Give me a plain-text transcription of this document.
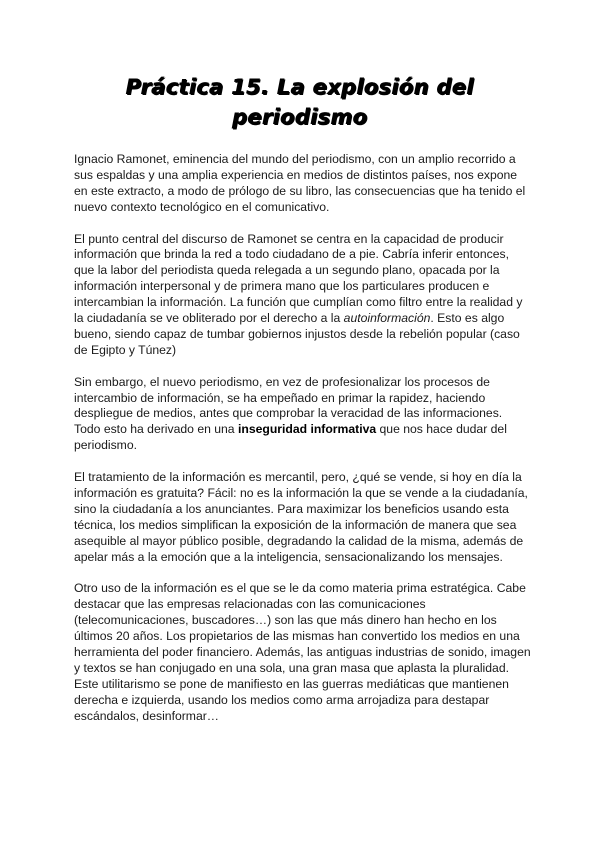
Práctica 15. La explosión del
periodismo

Ignacio Ramonet, eminencia del mundo del periodismo, con un amplio recorrido a
sus espaldas y una amplia experiencia en medios de distintos países, nos expone
en este extracto, a modo de prólogo de su libro, las consecuencias que ha tenido el
nuevo contexto tecnológico en el comunicativo.

El punto central del discurso de Ramonet se centra en la capacidad de producir
información que brinda la red a todo ciudadano de a pie. Cabría inferir entonces,
que la labor del periodista queda relegada a un segundo plano, opacada por la
información interpersonal y de primera mano que los particulares producen e
intercambian la información. La función que cumplían como filtro entre la realidad y
la ciudadanía se ve obliterado por el derecho a la autoinformación. Esto es algo
bueno, siendo capaz de tumbar gobiernos injustos desde la rebelión popular (caso
de Egipto y Túnez)

Sin embargo, el nuevo periodismo, en vez de profesionalizar los procesos de
intercambio de información, se ha empeñado en primar la rapidez, haciendo
despliegue de medios, antes que comprobar la veracidad de las informaciones.
Todo esto ha derivado en una inseguridad informativa que nos hace dudar del
periodismo.

El tratamiento de la información es mercantil, pero, ¿qué se vende, si hoy en día la
información es gratuita? Fácil: no es la información la que se vende a la ciudadanía,
sino la ciudadanía a los anunciantes. Para maximizar los beneficios usando esta
técnica, los medios simplifican la exposición de la información de manera que sea
asequible al mayor público posible, degradando la calidad de la misma, además de
apelar más a la emoción que a la inteligencia, sensacionalizando los mensajes.

Otro uso de la información es el que se le da como materia prima estratégica. Cabe
destacar que las empresas relacionadas con las comunicaciones
(telecomunicaciones, buscadores…) son las que más dinero han hecho en los
últimos 20 años. Los propietarios de las mismas han convertido los medios en una
herramienta del poder financiero. Además, las antiguas industrias de sonido, imagen
y textos se han conjugado en una sola, una gran masa que aplasta la pluralidad.
Este utilitarismo se pone de manifiesto en las guerras mediáticas que mantienen
derecha e izquierda, usando los medios como arma arrojadiza para destapar
escándalos, desinformar…
